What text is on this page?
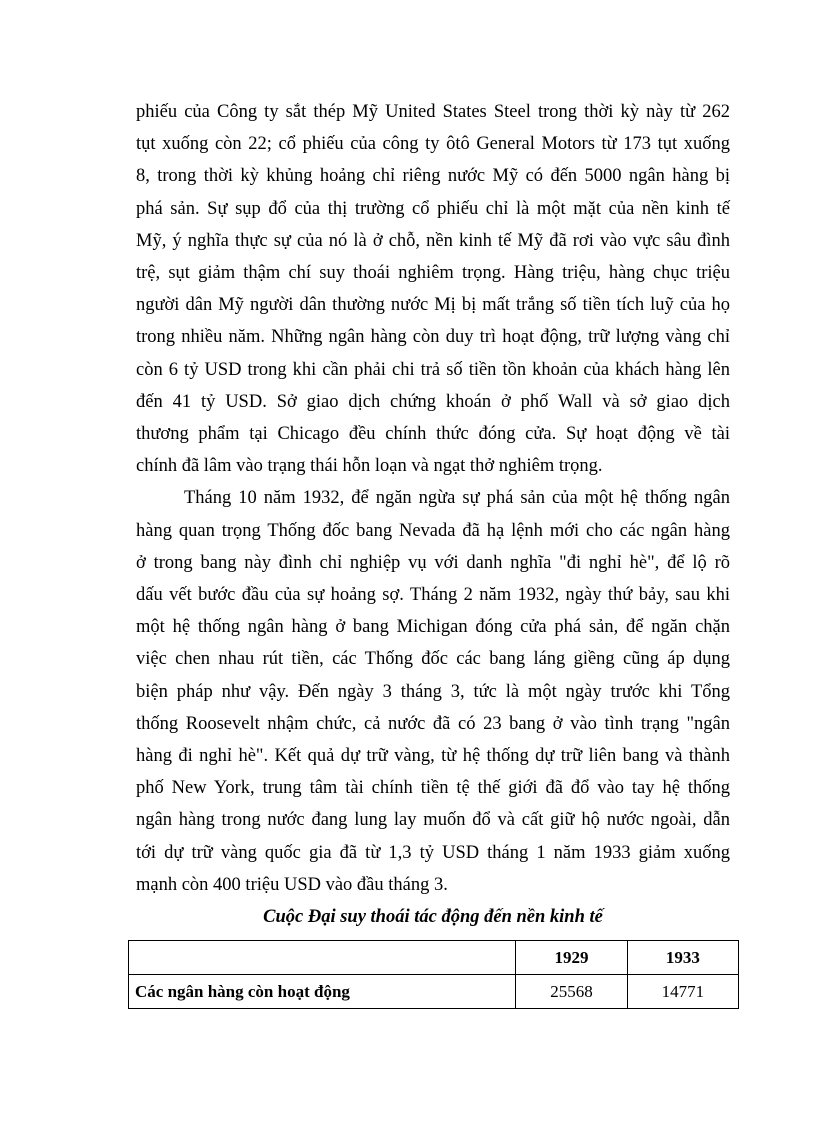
phiếu của Công ty sắt thép Mỹ United States Steel trong thời kỳ này từ 262

tụt xuống còn 22; cổ phiếu của công ty ôtô General Motors từ 173 tụt xuống

8, trong thời kỳ khủng hoảng chỉ riêng nước Mỹ có đến 5000 ngân hàng bị

phá sản. Sự sụp đổ của thị trường cổ phiếu chỉ là một mặt của nền kinh tế

Mỹ, ý nghĩa thực sự của nó là ở chỗ, nền kinh tế Mỹ đã rơi vào vực sâu đình

trệ, sụt giảm thậm chí suy thoái nghiêm trọng. Hàng triệu, hàng chục triệu

người dân Mỹ người dân thường nước Mị bị mất trắng số tiền tích luỹ của họ

trong nhiều năm. Những ngân hàng còn duy trì hoạt động, trữ lượng vàng chỉ

còn 6 tỷ USD trong khi cần phải chi trả số tiền tồn khoản của khách hàng lên

đến 41 tỷ USD. Sở giao dịch chứng khoán ở phố Wall và sở giao dịch

thương phẩm tại Chicago đều chính thức đóng cửa. Sự hoạt động về tài

chính đã lâm vào trạng thái hỗn loạn và ngạt thở nghiêm trọng.

Tháng 10 năm 1932, để ngăn ngừa sự phá sản của một hệ thống ngân

hàng quan trọng Thống đốc bang Nevada đã hạ lệnh mới cho các ngân hàng

ở trong bang này đình chỉ nghiệp vụ với danh nghĩa "đi nghỉ hè", để lộ rõ

dấu vết bước đầu của sự hoảng sợ. Tháng 2 năm 1932, ngày thứ bảy, sau khi

một hệ thống ngân hàng ở bang Michigan đóng cửa phá sản, để ngăn chặn

việc chen nhau rút tiền, các Thống đốc các bang láng giềng cũng áp dụng

biện pháp như vậy. Đến ngày 3 tháng 3, tức là một ngày trước khi Tổng

thống Roosevelt nhậm chức, cả nước đã có 23 bang ở vào tình trạng "ngân

hàng đi nghỉ hè". Kết quả dự trữ vàng, từ hệ thống dự trữ liên bang và thành

phố New York, trung tâm tài chính tiền tệ thế giới đã đổ vào tay hệ thống

ngân hàng trong nước đang lung lay muốn đổ và cất giữ hộ nước ngoài, dẫn

tới dự trữ vàng quốc gia đã từ 1,3 tỷ USD tháng 1 năm 1933 giảm xuống

mạnh còn 400 triệu USD vào đầu tháng 3.

Cuộc Đại suy thoái tác động đến nền kinh tế
	1929	1933
Các ngân hàng còn hoạt động	25568	14771
